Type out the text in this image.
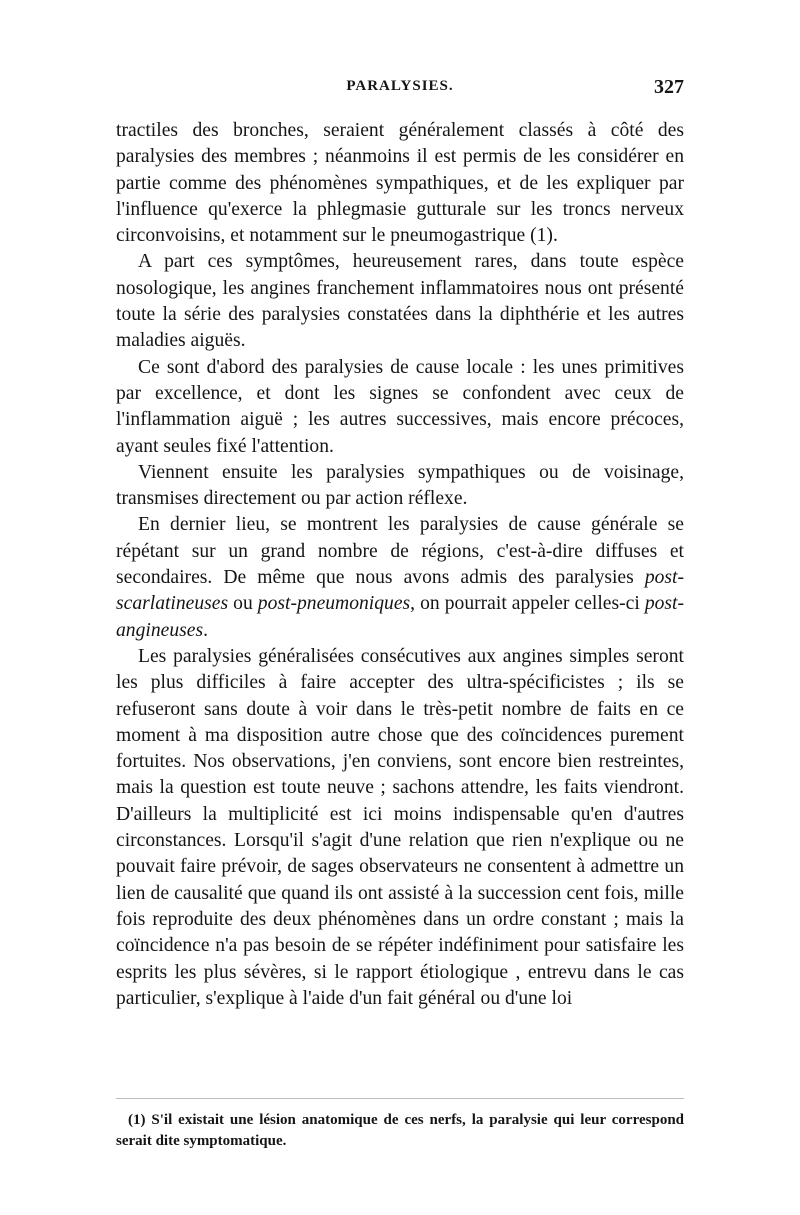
PARALYSIES.	327

tractiles des bronches, seraient généralement classés à côté des paralysies des membres ; néanmoins il est permis de les considérer en partie comme des phénomènes sympathiques, et de les expliquer par l'influence qu'exerce la phlegmasie gutturale sur les troncs nerveux circonvoisins, et notamment sur le pneumogastrique (1).

A part ces symptômes, heureusement rares, dans toute espèce nosologique, les angines franchement inflammatoires nous ont présenté toute la série des paralysies constatées dans la diphthérie et les autres maladies aiguës.

Ce sont d'abord des paralysies de cause locale : les unes primitives par excellence, et dont les signes se confondent avec ceux de l'inflammation aiguë ; les autres successives, mais encore précoces, ayant seules fixé l'attention.

Viennent ensuite les paralysies sympathiques ou de voisinage, transmises directement ou par action réflexe.

En dernier lieu, se montrent les paralysies de cause générale se répétant sur un grand nombre de régions, c'est-à-dire diffuses et secondaires. De même que nous avons admis des paralysies post-scarlatineuses ou post-pneumoniques, on pourrait appeler celles-ci post-angineuses.

Les paralysies généralisées consécutives aux angines simples seront les plus difficiles à faire accepter des ultra-spécificistes ; ils se refuseront sans doute à voir dans le très-petit nombre de faits en ce moment à ma disposition autre chose que des coïncidences purement fortuites. Nos observations, j'en conviens, sont encore bien restreintes, mais la question est toute neuve ; sachons attendre, les faits viendront. D'ailleurs la multiplicité est ici moins indispensable qu'en d'autres circonstances. Lorsqu'il s'agit d'une relation que rien n'explique ou ne pouvait faire prévoir, de sages observateurs ne consentent à admettre un lien de causalité que quand ils ont assisté à la succession cent fois, mille fois reproduite des deux phénomènes dans un ordre constant ; mais la coïncidence n'a pas besoin de se répéter indéfiniment pour satisfaire les esprits les plus sévères, si le rapport étiologique , entrevu dans le cas particulier, s'explique à l'aide d'un fait général ou d'une loi

(1) S'il existait une lésion anatomique de ces nerfs, la paralysie qui leur correspond serait dite symptomatique.
